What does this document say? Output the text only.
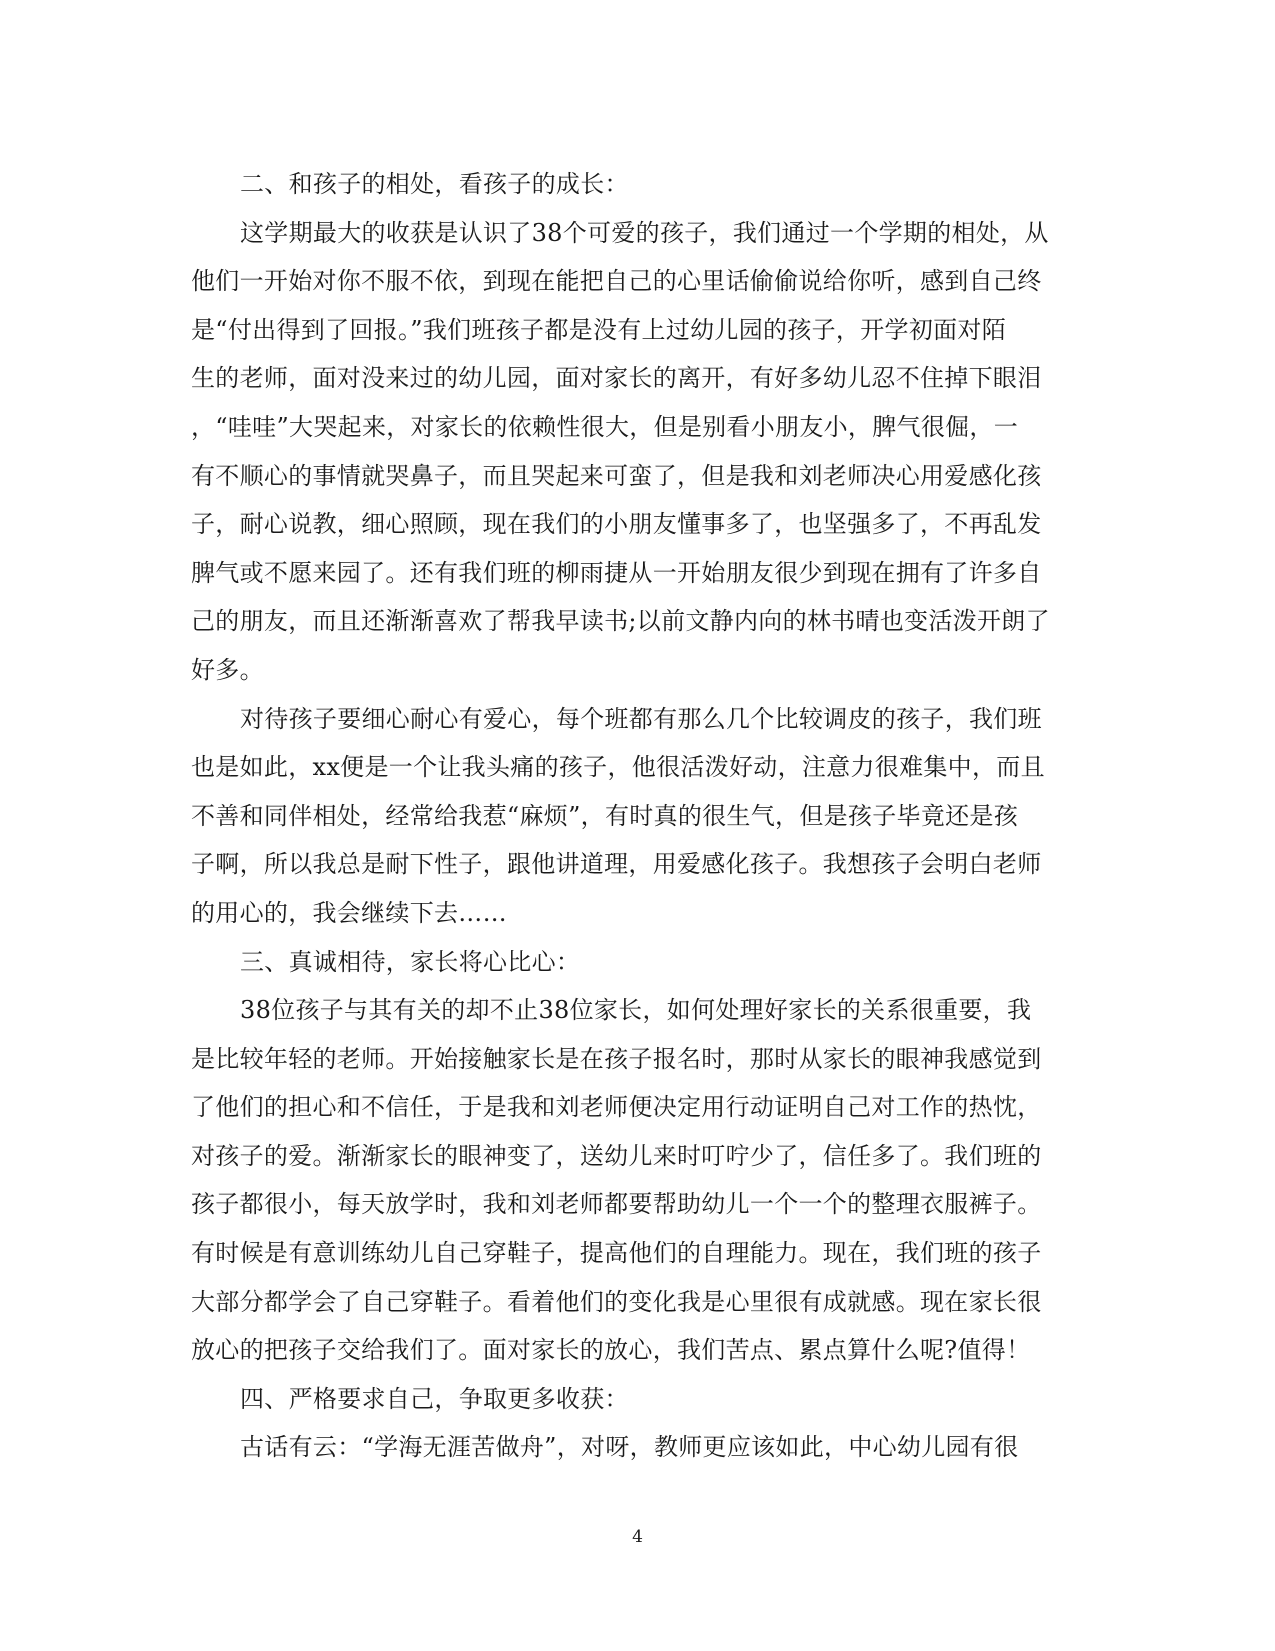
二、和孩子的相处，看孩子的成长：
这学期最大的收获是认识了38个可爱的孩子，我们通过一个学期的相处，从
他们一开始对你不服不依，到现在能把自己的心里话偷偷说给你听，感到自己终
是“付出得到了回报。”我们班孩子都是没有上过幼儿园的孩子，开学初面对陌
生的老师，面对没来过的幼儿园，面对家长的离开，有好多幼儿忍不住掉下眼泪
，“哇哇”大哭起来，对家长的依赖性很大，但是别看小朋友小，脾气很倔，一
有不顺心的事情就哭鼻子，而且哭起来可蛮了，但是我和刘老师决心用爱感化孩
子，耐心说教，细心照顾，现在我们的小朋友懂事多了，也坚强多了，不再乱发
脾气或不愿来园了。还有我们班的柳雨捷从一开始朋友很少到现在拥有了许多自
己的朋友，而且还渐渐喜欢了帮我早读书;以前文静内向的林书晴也变活泼开朗了
好多。
对待孩子要细心耐心有爱心，每个班都有那么几个比较调皮的孩子，我们班
也是如此，xx便是一个让我头痛的孩子，他很活泼好动，注意力很难集中，而且
不善和同伴相处，经常给我惹“麻烦”，有时真的很生气，但是孩子毕竟还是孩
子啊，所以我总是耐下性子，跟他讲道理，用爱感化孩子。我想孩子会明白老师
的用心的，我会继续下去……
三、真诚相待，家长将心比心：
38位孩子与其有关的却不止38位家长，如何处理好家长的关系很重要，我
是比较年轻的老师。开始接触家长是在孩子报名时，那时从家长的眼神我感觉到
了他们的担心和不信任，于是我和刘老师便决定用行动证明自己对工作的热忱，
对孩子的爱。渐渐家长的眼神变了，送幼儿来时叮咛少了，信任多了。我们班的
孩子都很小，每天放学时，我和刘老师都要帮助幼儿一个一个的整理衣服裤子。
有时候是有意训练幼儿自己穿鞋子，提高他们的自理能力。现在，我们班的孩子
大部分都学会了自己穿鞋子。看着他们的变化我是心里很有成就感。现在家长很
放心的把孩子交给我们了。面对家长的放心，我们苦点、累点算什么呢?值得！
四、严格要求自己，争取更多收获：
古话有云：“学海无涯苦做舟”，对呀，教师更应该如此，中心幼儿园有很
4
